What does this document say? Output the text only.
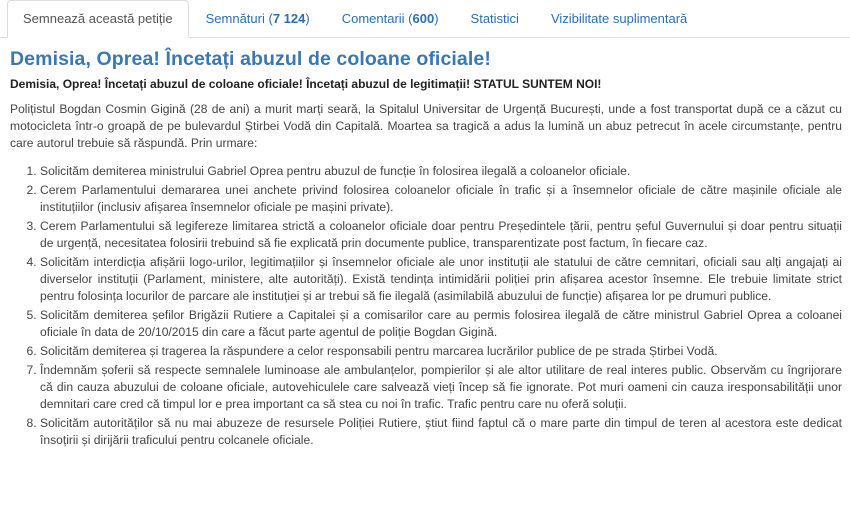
Semnează această petiție	Semnături (7 124)	Comentarii (600)	Statistici	Vizibilitate suplimentară
Demisia, Oprea! Încetați abuzul de coloane oficiale!

Demisia, Oprea! Încetați abuzul de coloane oficiale! Încetați abuzul de legitimații! STATUL SUNTEM NOI!

Polițistul Bogdan Cosmin Gigină (28 de ani) a murit marți seară, la Spitalul Universitar de Urgență București, unde a fost transportat după ce a căzut cu motocicleta într-o groapă de pe bulevardul Știrbei Vodă din Capitală. Moartea sa tragică a adus la lumină un abuz petrecut în acele circumstanțe, pentru care autorul trebuie să răspundă. Prin urmare:

1. Solicităm demiterea ministrului Gabriel Oprea pentru abuzul de funcție în folosirea ilegală a coloanelor oficiale.
2. Cerem Parlamentului demararea unei anchete privind folosirea coloanelor oficiale în trafic și a însemnelor oficiale de către mașinile oficiale ale instituțiilor (inclusiv afișarea însemnelor oficiale pe mașini private).
3. Cerem Parlamentului să legifereze limitarea strictă a coloanelor oficiale doar pentru Președintele țării, pentru șeful Guvernului și doar pentru situații de urgență, necesitatea folosirii trebuind să fie explicată prin documente publice, transparentizate post factum, în fiecare caz.
4. Solicităm interdicția afișării logo-urilor, legitimațiilor și însemnelor oficiale ale unor instituții ale statului de către cemnitari, oficiali sau alți angajați ai diverselor instituții (Parlament, ministere, alte autorități). Există tendința intimidării poliției prin afișarea acestor însemne. Ele trebuie limitate strict pentru folosința locurilor de parcare ale instituției și ar trebui să fie ilegală (asimilabilă abuzului de funcție) afișarea lor pe drumuri publice.
5. Solicităm demiterea șefilor Brigăzii Rutiere a Capitalei și a comisarilor care au permis folosirea ilegală de către ministrul Gabriel Oprea a coloanei oficiale în data de 20/10/2015 din care a făcut parte agentul de poliție Bogdan Gigină.
6. Solicităm demiterea și tragerea la răspundere a celor responsabili pentru marcarea lucrărilor publice de pe strada Știrbei Vodă.
7. Îndemnăm șoferii să respecte semnalele luminoase ale ambulanțelor, pompierilor și ale altor utilitare de real interes public. Observăm cu îngrijorare că din cauza abuzului de coloane oficiale, autovehiculele care salvează vieți încep să fie ignorate. Pot muri oameni cin cauza iresponsabilității unor demnitari care cred că timpul lor e prea important ca să stea cu noi în trafic. Trafic pentru care nu oferă soluții.
8. Solicităm autorităților să nu mai abuzeze de resursele Poliției Rutiere, știut fiind faptul că o mare parte din timpul de teren al acestora este dedicat însoțirii și dirijării traficului pentru colcanele oficiale.
